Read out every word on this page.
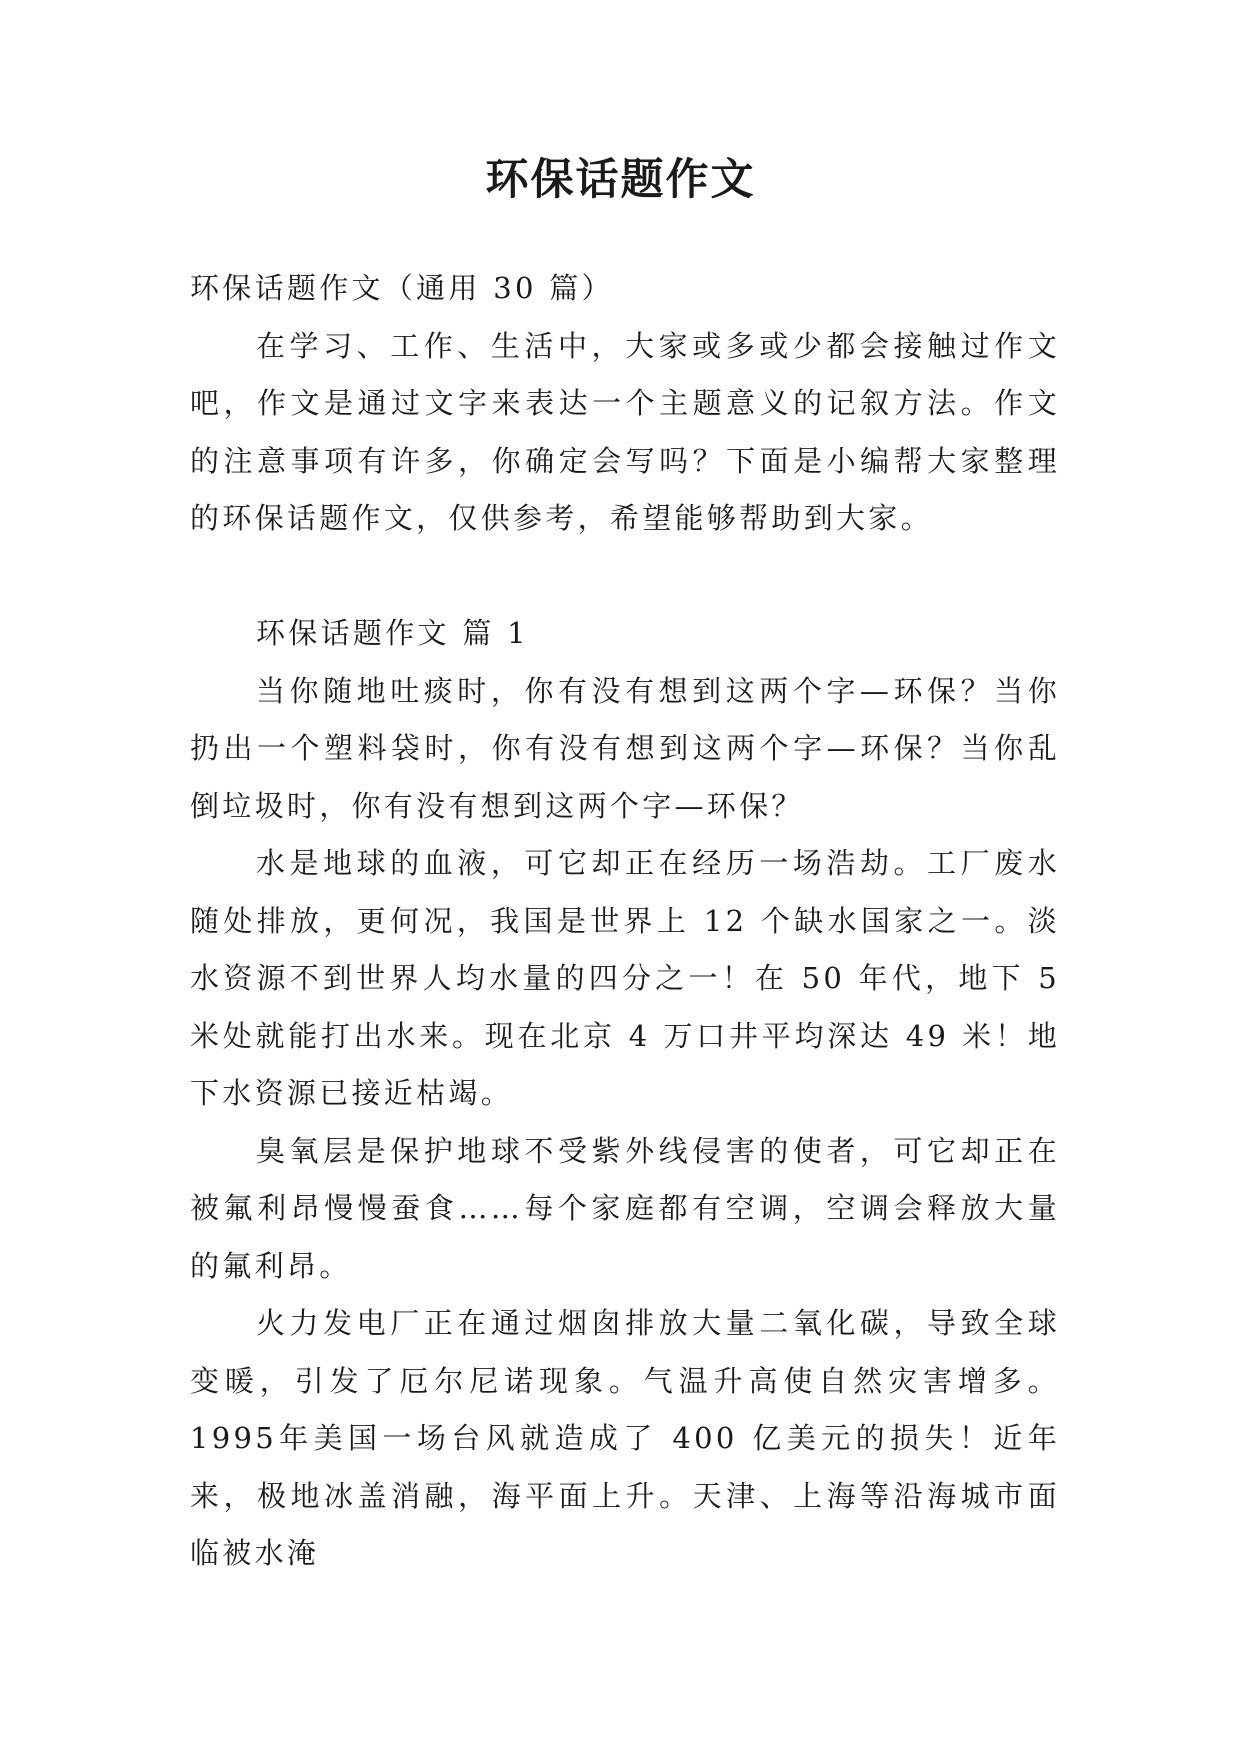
环保话题作文

环保话题作文（通用 30 篇）

在学习、工作、生活中，大家或多或少都会接触过作文吧，作文是通过文字来表达一个主题意义的记叙方法。作文的注意事项有许多，你确定会写吗？下面是小编帮大家整理的环保话题作文，仅供参考，希望能够帮助到大家。

环保话题作文 篇 1

当你随地吐痰时，你有没有想到这两个字—环保？当你扔出一个塑料袋时，你有没有想到这两个字—环保？当你乱倒垃圾时，你有没有想到这两个字—环保？

水是地球的血液，可它却正在经历一场浩劫。工厂废水随处排放，更何况，我国是世界上 12 个缺水国家之一。淡水资源不到世界人均水量的四分之一！在 50 年代，地下 5 米处就能打出水来。现在北京 4 万口井平均深达 49 米！地下水资源已接近枯竭。

臭氧层是保护地球不受紫外线侵害的使者，可它却正在被氟利昂慢慢蚕食……每个家庭都有空调，空调会释放大量的氟利昂。

火力发电厂正在通过烟囱排放大量二氧化碳，导致全球变暖，引发了厄尔尼诺现象。气温升高使自然灾害增多。1995年美国一场台风就造成了 400 亿美元的损失！近年来，极地冰盖消融，海平面上升。天津、上海等沿海城市面临被水淹
